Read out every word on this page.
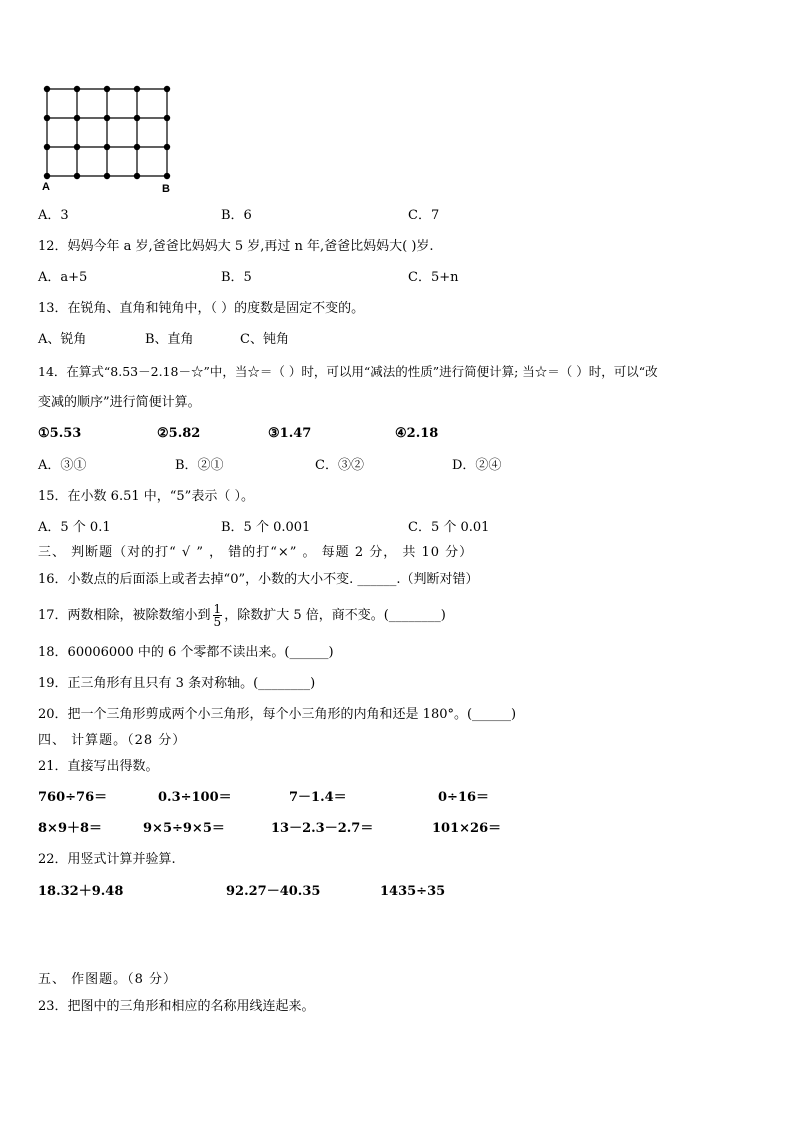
A	B
A．3	B．6	C．7
12．妈妈今年 a 岁,爸爸比妈妈大 5 岁,再过 n 年,爸爸比妈妈大( )岁.
A．a+5	B．5	C．5+n
13．在锐角、直角和钝角中，（ ）的度数是固定不变的。
A、锐角	B、直角	C、钝角
14．在算式“8.53－2.18－☆”中，当☆＝（ ）时，可以用“减法的性质”进行简便计算; 当☆＝（ ）时，可以“改
变减的顺序”进行简便计算。
①5.53	②5.82	③1.47	④2.18
A．③①	B．②①	C．③②	D．②④
15．在小数 6.51 中，“5”表示（ ）。
A．5 个 0.1	B．5 个 0.001	C．5 个 0.01
三、 判断题（对的打“ √ ” ， 错的打“×” 。 每题 2 分， 共 10 分）
16．小数点的后面添上或者去掉“0”，小数的大小不变. ______.（判断对错）
17．两数相除，被除数缩小到 $\frac{1}{5}$ ，除数扩大 5 倍，商不变。(________)
18．60006000 中的 6 个零都不读出来。(______)
19．正三角形有且只有 3 条对称轴。(________)
20．把一个三角形剪成两个小三角形，每个小三角形的内角和还是 180°。(______)
四、 计算题。（28 分）
21．直接写出得数。
760÷76＝	0.3÷100＝	7－1.4＝	0÷16＝
8×9＋8＝	9×5÷9×5＝	13－2.3－2.7＝	101×26＝
22．用竖式计算并验算.
18.32＋9.48	92.27－40.35	1435÷35
五、 作图题。（8 分）
23．把图中的三角形和相应的名称用线连起来。
